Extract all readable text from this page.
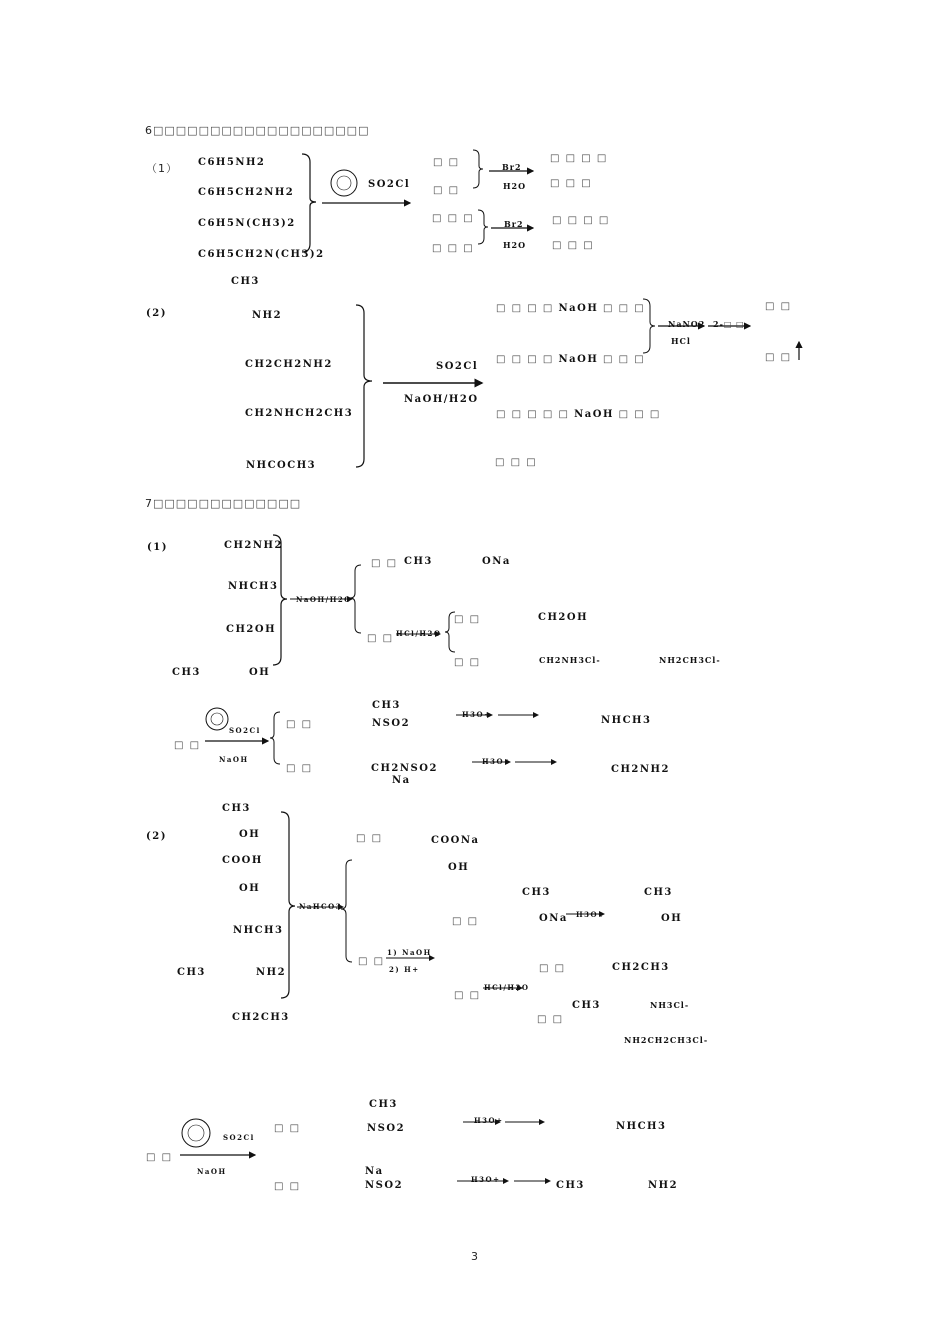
6□□□□□□□□□□□□□□□□□□□
（1） C6H5NH2
C6H5CH2NH2
C6H5N(CH3)2
C6H5CH2N(CH3)2
SO2Cl
□ □
□ □
□ □ □
□ □ □
Br2
H2O
Br2
H2O
□ □ □ □
□ □ □
□ □ □ □
□ □ □
(2)
CH3
NH2
CH2CH2NH2
CH2NHCH2CH3
NHCOCH3
SO2Cl
NaOH/H2O
□ □ □ □ NaOH □ □ □
□ □ □ □ NaOH □ □ □
□ □ □ □ □ NaOH □ □ □
□ □ □
NaNO2 2-□ □
HCl
□ □
□ □
7□□□□□□□□□□□□□
(1)	CH2NH2
NHCH3
CH2OH
CH3	OH
NaOH/H2O
□ □ CH3	ONa
□ □ HCl/H2O
□ □
□ □
CH2OH
CH2NH3Cl-	NH2CH3Cl-
SO2Cl
□ □
NaOH
□ □
□ □
CH3
NSO2
CH2NSO2
Na
H3O+
H3O+
NHCH3
CH2NH2
(2)
CH3
OH
COOH
OH
NHCH3
CH3	NH2
CH2CH3
NaHCO3
□ □	COONa
OH
□ □
CH3
ONa H3O+
CH3
OH
□ □
1) NaOH
2) H+	□ □	CH2CH3
□ □
HCl/H2O
CH3	NH3Cl-
□ □
NH2CH2CH3Cl-
SO2Cl
□ □
NaOH
□ □
□ □
CH3
NSO2
Na
NSO2
H3O+
H3O+
NHCH3
CH3	NH2
3
